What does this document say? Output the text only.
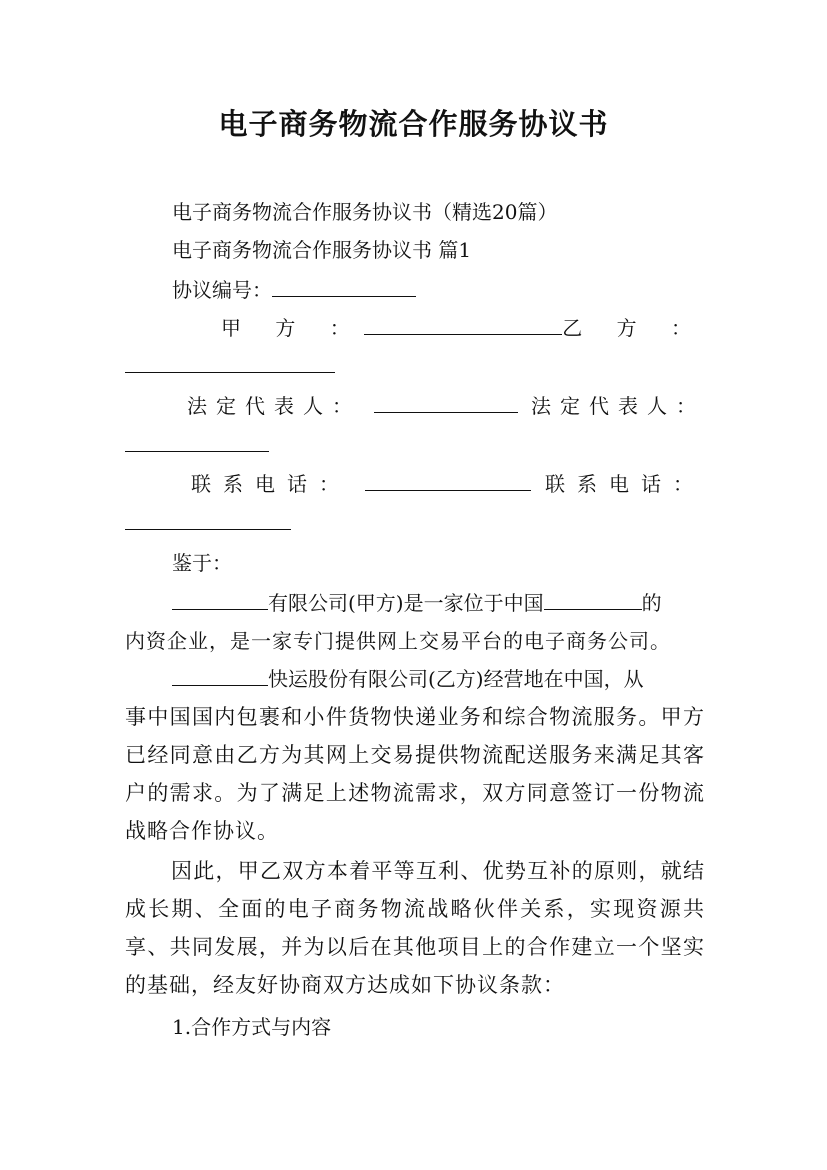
电子商务物流合作服务协议书
电子商务物流合作服务协议书（精选20篇）
电子商务物流合作服务协议书 篇1
协议编号：
甲 方 ：	乙 方 ：
法定代表人：	法定代表人：
联系电话：	联系电话：
鉴于：
有限公司(甲方)是一家位于中国	的
内资企业，是一家专门提供网上交易平台的电子商务公司。
快运股份有限公司(乙方)经营地在中国，从
事中国国内包裹和小件货物快递业务和综合物流服务。甲方已经同意由乙方为其网上交易提供物流配送服务来满足其客户的需求。为了满足上述物流需求，双方同意签订一份物流战略合作协议。
因此，甲乙双方本着平等互利、优势互补的原则，就结成长期、全面的电子商务物流战略伙伴关系，实现资源共享、共同发展，并为以后在其他项目上的合作建立一个坚实的基础，经友好协商双方达成如下协议条款：
1.合作方式与内容
